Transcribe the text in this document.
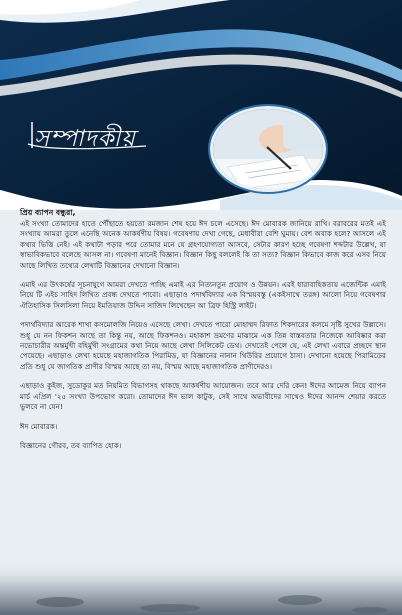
সম্পাদকীয়
প্রিয় ব্যাপন বন্ধুরা,

এই সংখ্যা তোমাদের হাতে পৌঁছাতে হয়তো রমজান শেষ হয়ে ঈদ চলে এসেছে। ঈদ মোবারক জানিয়ে রাখি। বরাবরের মতই এই সংখ্যায় আমরা তুলে এনেছি অনেক আকর্ষণীয় বিষয়। গবেষণায় দেখা গেছে, মেধাবীরা বেশি ঘুমায়। বেশ অবাক হলে? আসলে এই কথার ভিত্তি নেই। এই কথাটা পড়ার পরে তোমার মনে যে গ্রহণযোগ্যতা আসবে, সেটার কারণ হচ্ছে গবেষণা শব্দটার উল্লেখ, যা স্বাভাবিকভাবে বলেছে আসল না। গবেষণা মানেই বিজ্ঞান। বিজ্ঞান কিছু বললেই কি তা সত্য? বিজ্ঞান কিভাবে কাজ করে এসব নিয়ে আছে লিখিত তথ্যের লেখাটি বিজ্ঞানের দেখানো বিজ্ঞান।

এমাই এর উৎকর্ষের সূচনাযুগে আমরা দেখতে পাচ্ছি এমাই এর নিত্যনতুন প্রয়োগ ও উন্নয়ন। এরই ধারাবাহিকতায় এজেন্টিক এমাই নিয়ে টি এইচ সাহিদ লিখিত প্রবন্ধ দেখতে পাবো। এছাড়াও পদার্থবিদ্যার এক বিস্ময়বস্তু (একইসাথে তরঙ্গ) আলো নিয়ে গবেষণার ঐতিহাসিক সিলসিলা নিয়ে ইমতিয়াজ উদ্দিন সাজিদ লিখেছেন আ ব্রিফ হিস্ট্রি লাইট।

পদার্থবিদ্যার আরেক শাখা কসমোলজি নিয়েও এসেছে লেখা। দেখতে পারো মোহাম্মদ রিফাত শিকদারের কলমে সৃষ্টি সুখের উল্লাসে। শুধু যে নন ফিকশন আছে তা কিন্তু নয়, আছে ফিকশনও। মহাকাশ ভ্রমণের মাঝামে এক তিন্ন বাস্তবতার নিজেকে আবিষ্কার করা নভোচারীর অন্তর্মুখী বহির্মুখী সংগ্রামের কথা নিয়ে আছে লেখা সিলিকেট ডেথ। দেখতেই পেলে যে, এই লেখা এবারে প্রচ্ছদে স্থান পেয়েছে। এছাড়াও লেখা হয়েছে মহাজাগতিক পিরামিড, যা বিজ্ঞানের নানান থিউরির প্রয়োগে ঠাসা। দেখানো হয়েছে পিরামিডের প্রতি শুধু যে জাগতিক প্রাণীর বিস্ময় আছে তা নয়, বিস্ময় আছে মহাজাগতিক প্রাণীদেরও।

এছাড়াও কুইজ, সুডোকুর মত নিয়মিত বিভাগসহ থাকছে আকর্ষণীয় আয়োজন। তবে আর দেরি কেন! ঈদের আমেজ নিয়ে ব্যাপন মার্চ এপ্রিল '২৫ সংখ্যা উপভোগ করো। তোমাদের ঈদ ভাল কাটুক, সেই সাথে অভাবীদের সাথেও ঈদের আনন্দ শেয়ার করতে ভুলবে না যেন!

ঈদ মোবারক।

বিজ্ঞানের গৌরব, তব ব্যাপিত হোক।
